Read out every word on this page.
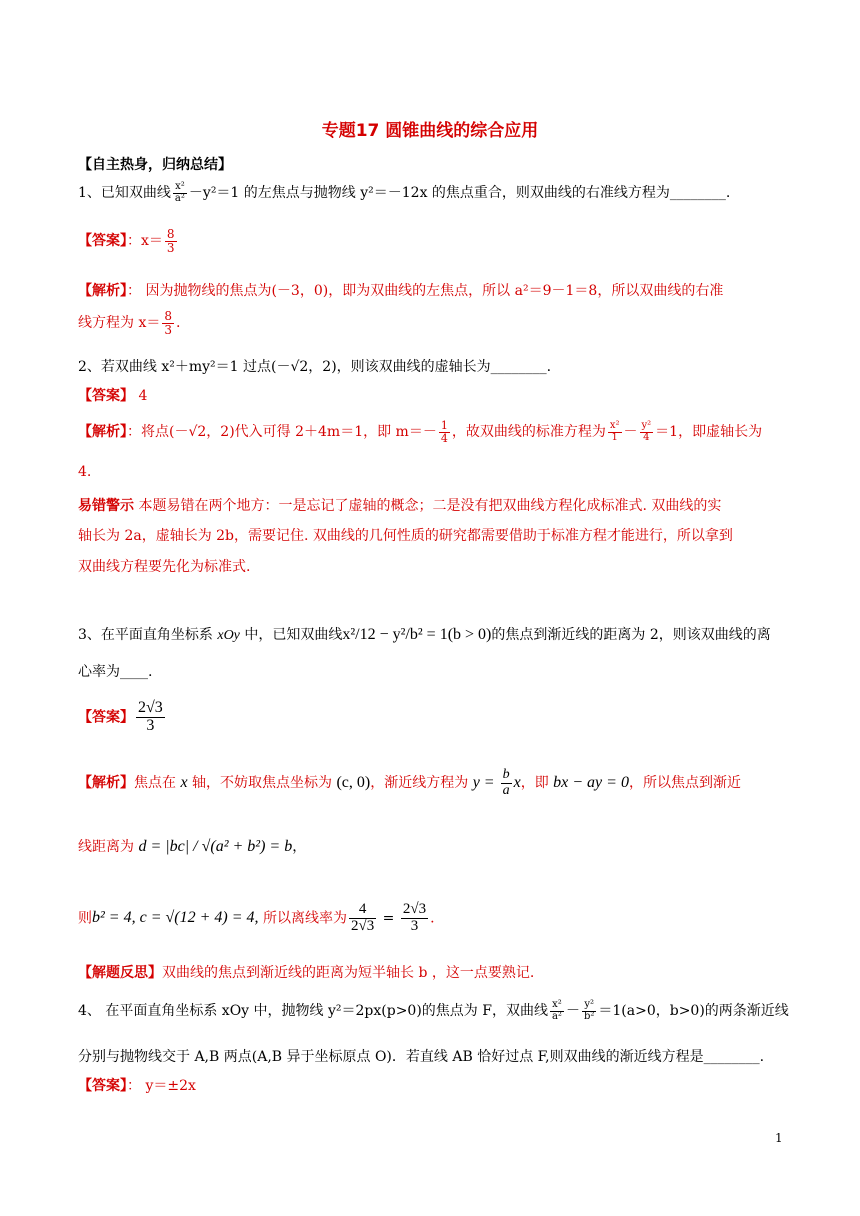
专题17 圆锥曲线的综合应用
【自主热身，归纳总结】
1、已知双曲线 $\frac{\text{x²}}{\text{a²}} -y^2=1$ 的左焦点与抛物线 y²＝－12x 的焦点重合，则双曲线的右准线方程为________.
【答案】：$x= \frac{8}{3}$
【解析】： 因为抛物线的焦点为(－3，0)，即为双曲线的左焦点，所以 a²＝9－1＝8，所以双曲线的右准
线方程为 $x= \frac{8}{3}$ .
2、若双曲线 x²＋my²＝1 过点(－√2，2)，则该双曲线的虚轴长为________.
【答案】 4
【解析】：将点(－√2，2)代入可得 2＋4m＝1，即 $m=- \frac{1}{4}$ ，故双曲线的标准方程为 $\frac{\text{x²}}{1} - \frac{\text{y²}}{4} =1$，即虚轴长为
4.
易错警示 本题易错在两个地方：一是忘记了虚轴的概念；二是没有把双曲线方程化成标准式. 双曲线的实
轴长为 2a，虚轴长为 2b，需要记住. 双曲线的几何性质的研究都需要借助于标准方程才能进行，所以拿到
双曲线方程要先化为标准式.
3、在平面直角坐标系 xOy 中，已知双曲线x²/12 − y²/b² = 1(b > 0)的焦点到渐近线的距离为 2，则该双曲线的离
心率为____.
【答案】 $\frac{2√3}{3}$
【解析】焦点在 x 轴，不妨取焦点坐标为 (c, 0)，渐近线方程为 $y = \frac{b}{a}$ x，即 bx − ay = 0，所以焦点到渐近
线距离为 d = |bc| / √(a² + b²) = b，
则b² = 4, c = √(12 + 4) = 4, 所以离线率为 $\frac{4}{2√3} = \frac{2√3}{3}$ .
【解题反思】双曲线的焦点到渐近线的距离为短半轴长 b ，这一点要熟记.
4、 在平面直角坐标系 xOy 中，抛物线 y²＝2px(p>0)的焦点为 F，双曲线 $\frac{\text{x²}}{\text{a²}} - \frac{\text{y²}}{\text{b²}} =1(a>0$，b>0)的两条渐近线
分别与抛物线交于 A,B 两点(A,B 异于坐标原点 O)．若直线 AB 恰好过点 F,则双曲线的渐近线方程是________.
【答案】： y＝±2x
1
